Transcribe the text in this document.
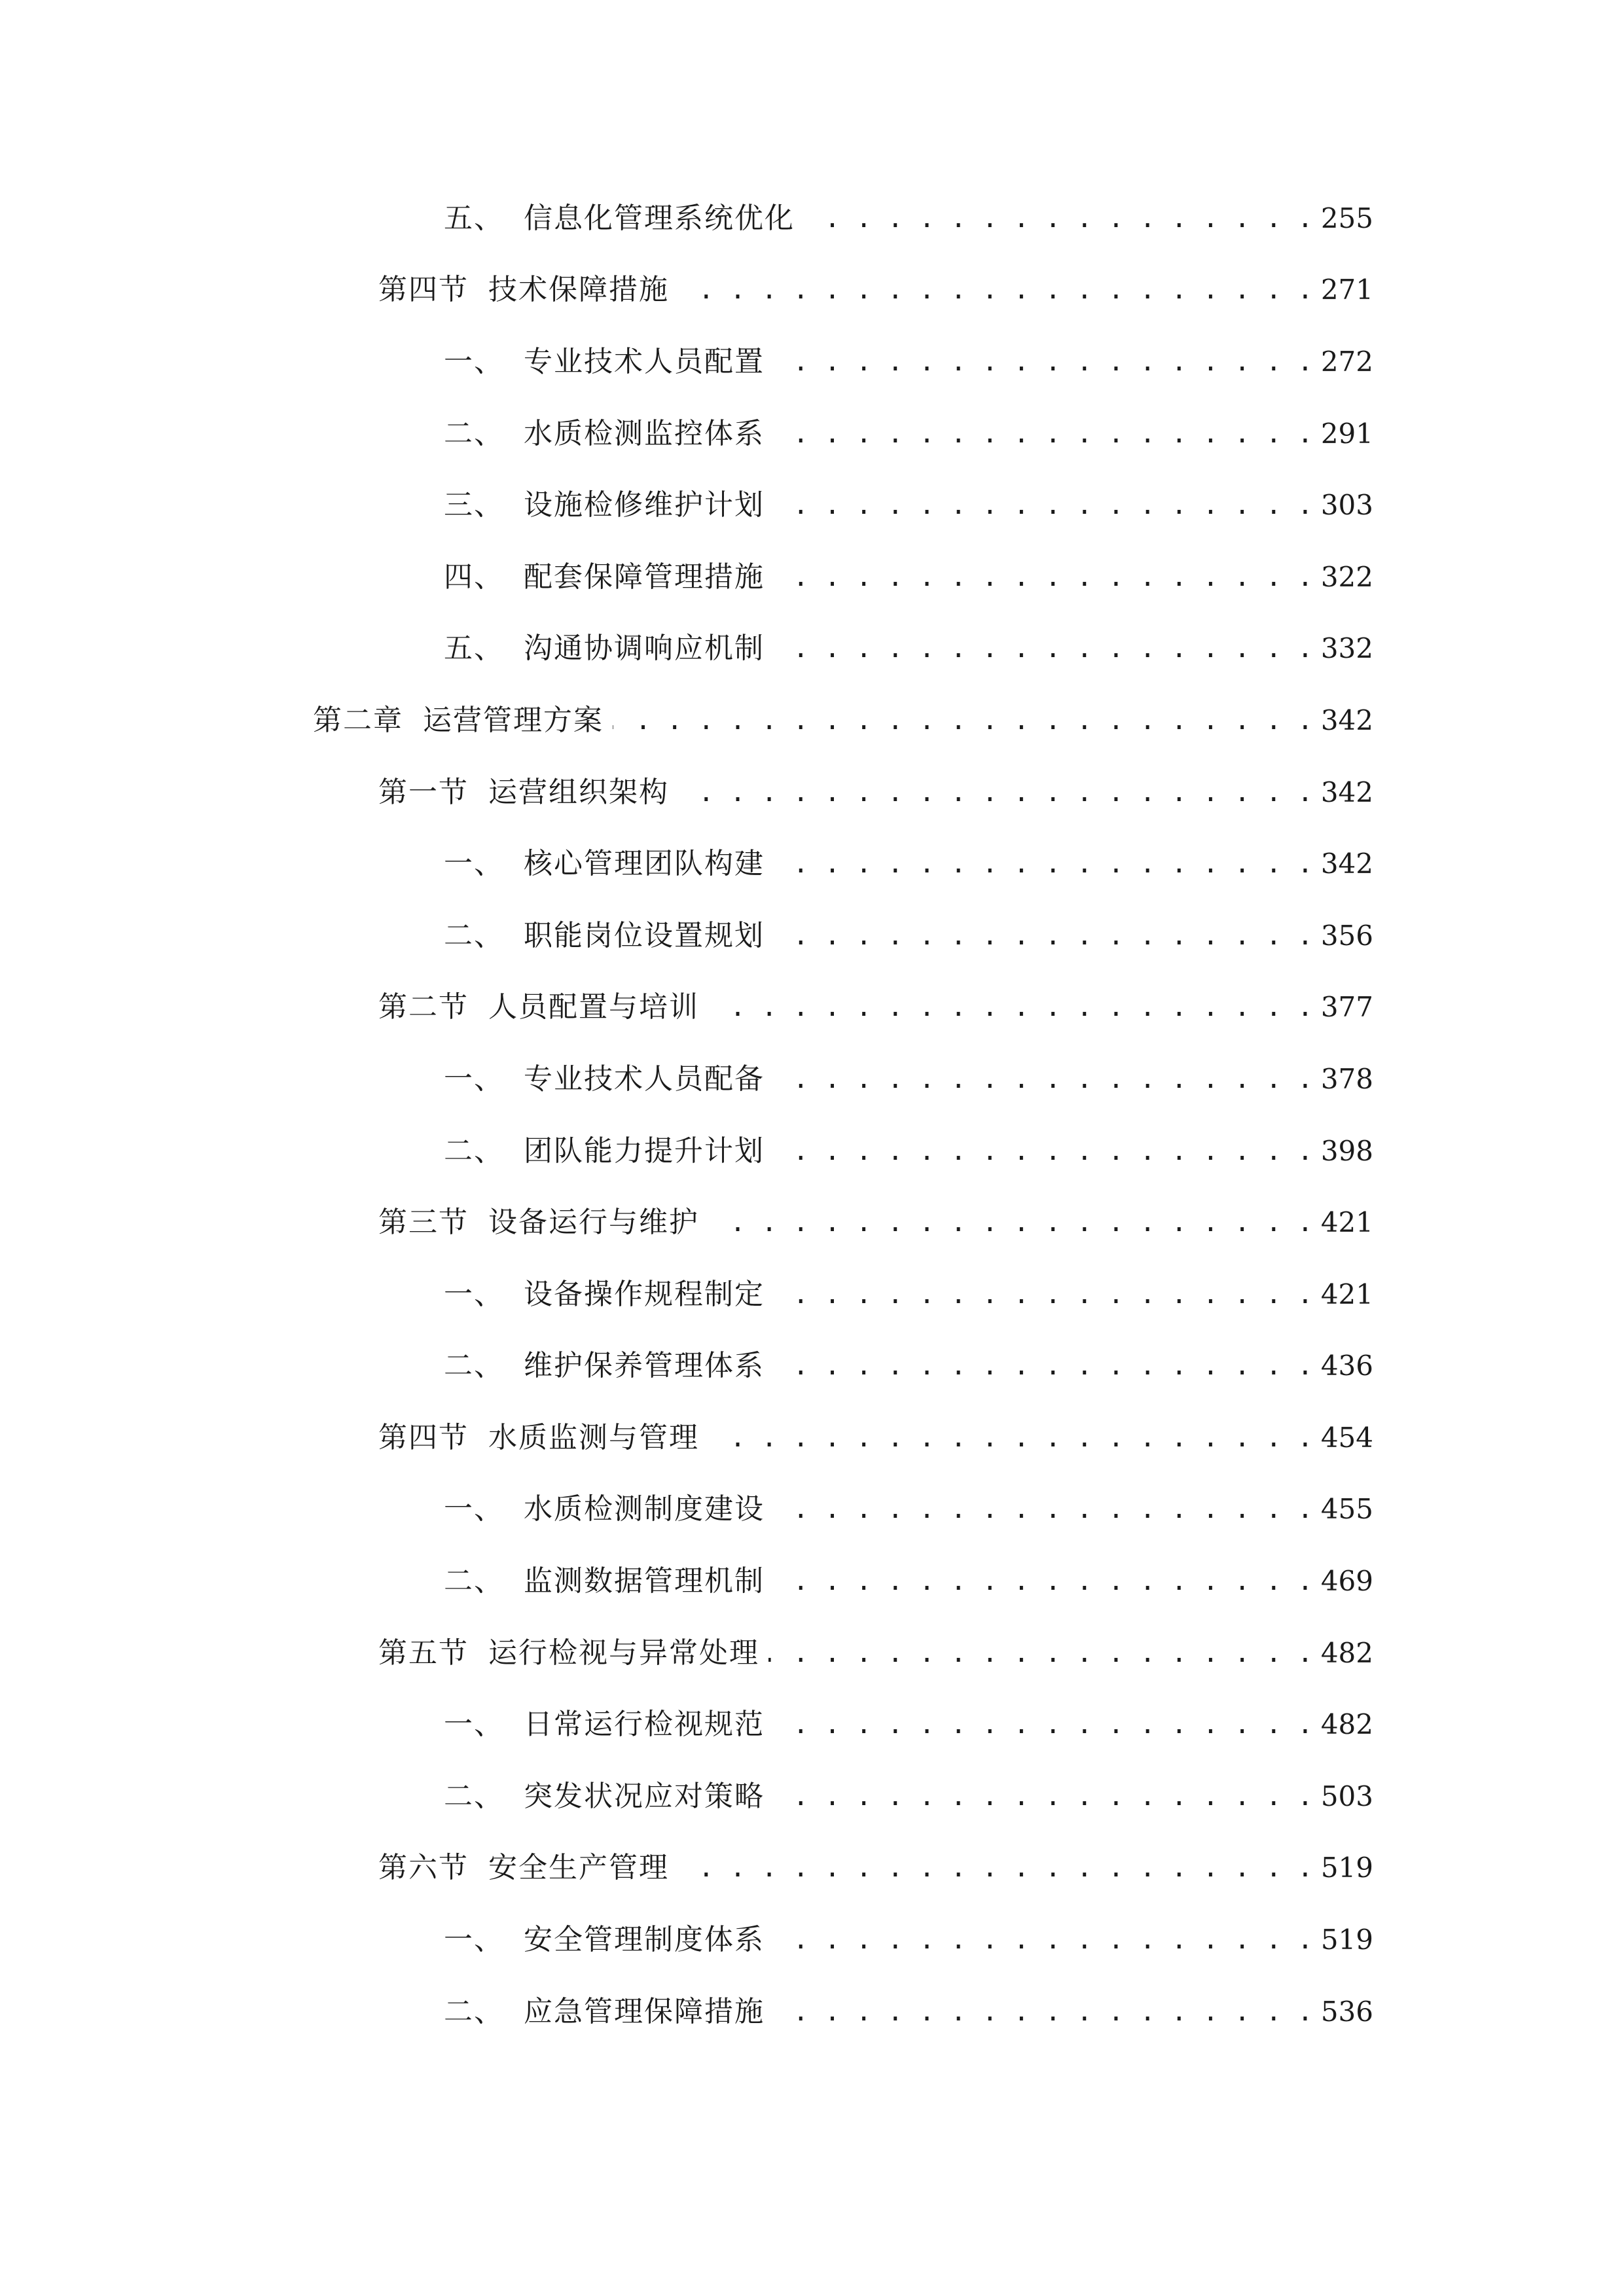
五、 信息化管理系统优化 . . .	255
第四节 技术保障措施 . . .	271
一、 专业技术人员配置 . . .	272
二、 水质检测监控体系 . . .	291
三、 设施检修维护计划 . . .	303
四、 配套保障管理措施 . . .	322
五、 沟通协调响应机制 . . .	332
第二章 运营管理方案 . . .	342
第一节 运营组织架构 . . .	342
一、 核心管理团队构建 . . .	342
二、 职能岗位设置规划 . . .	356
第二节 人员配置与培训 . . .	377
一、 专业技术人员配备 . . .	378
二、 团队能力提升计划 . . .	398
第三节 设备运行与维护 . . .	421
一、 设备操作规程制定 . . .	421
二、 维护保养管理体系 . . .	436
第四节 水质监测与管理 . . .	454
一、 水质检测制度建设 . . .	455
二、 监测数据管理机制 . . .	469
第五节 运行检视与异常处理 . . .	482
一、 日常运行检视规范 . . .	482
二、 突发状况应对策略 . . .	503
第六节 安全生产管理 . . .	519
一、 安全管理制度体系 . . .	519
二、 应急管理保障措施 . . .	536
